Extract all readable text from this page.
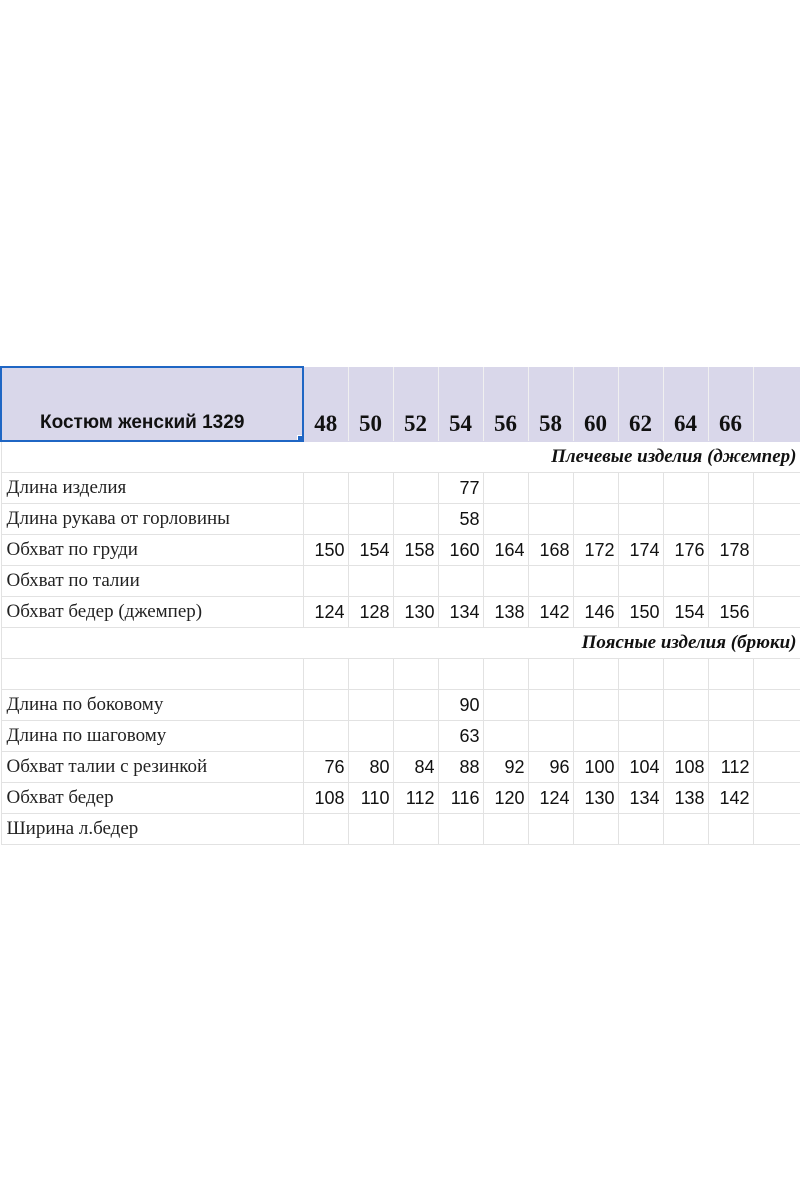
Костюм женский 1329	48	50	52	54	56	58	60	62	64	66	
Плечевые изделия (джемпер)											
Длина изделия				77							
Длина рукава от горловины				58							
Обхват по груди	150	154	158	160	164	168	172	174	176	178	
Обхват по талии											
Обхват бедер (джемпер)	124	128	130	134	138	142	146	150	154	156	
Поясные изделия (брюки)											

Длина по боковому				90							
Длина по шаговому				63							
Обхват талии с резинкой	76	80	84	88	92	96	100	104	108	112	
Обхват бедер	108	110	112	116	120	124	130	134	138	142	
Ширина л.бедер											
